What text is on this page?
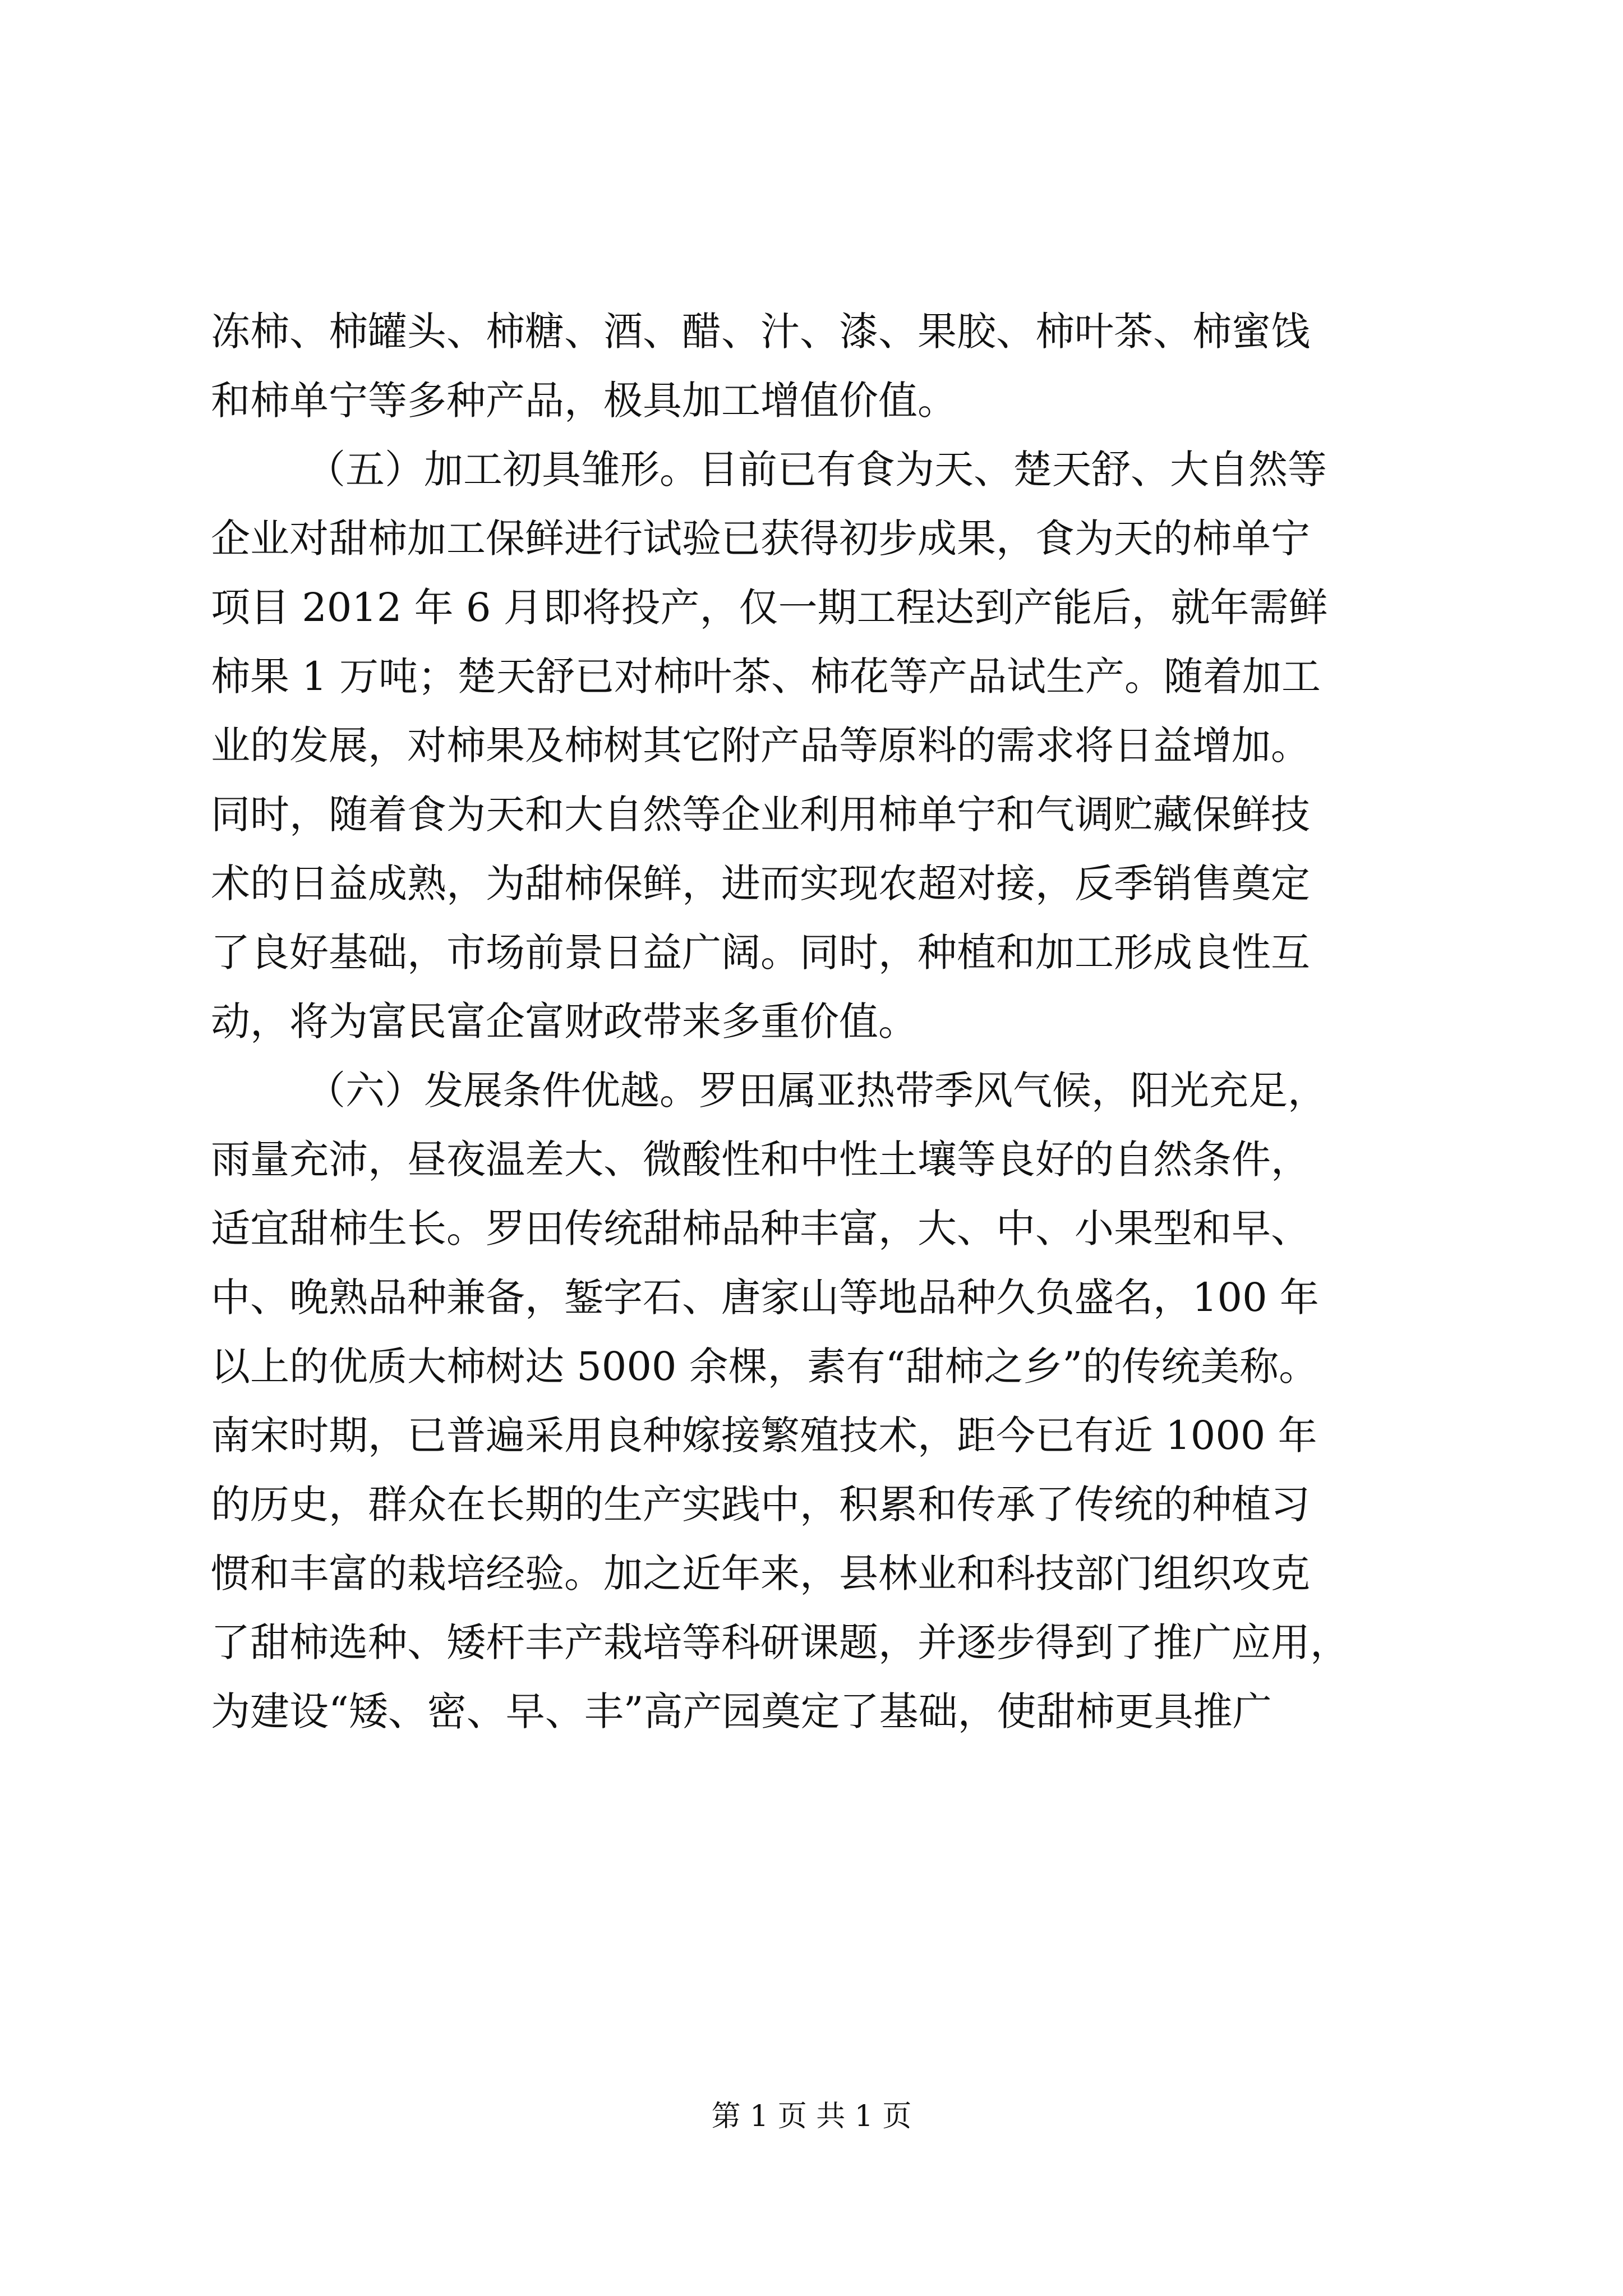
冻柿、柿罐头、柿糖、酒、醋、汁、漆、果胶、柿叶茶、柿蜜饯
和柿单宁等多种产品，极具加工增值价值。
（五）加工初具雏形。目前已有食为天、楚天舒、大自然等
企业对甜柿加工保鲜进行试验已获得初步成果，食为天的柿单宁
项目 2012 年 6 月即将投产，仅一期工程达到产能后，就年需鲜
柿果 1 万吨；楚天舒已对柿叶茶、柿花等产品试生产。随着加工
业的发展，对柿果及柿树其它附产品等原料的需求将日益增加。
同时，随着食为天和大自然等企业利用柿单宁和气调贮藏保鲜技
术的日益成熟，为甜柿保鲜，进而实现农超对接，反季销售奠定
了良好基础，市场前景日益广阔。同时，种植和加工形成良性互
动，将为富民富企富财政带来多重价值。
（六）发展条件优越。罗田属亚热带季风气候，阳光充足，
雨量充沛，昼夜温差大、微酸性和中性土壤等良好的自然条件，
适宜甜柿生长。罗田传统甜柿品种丰富，大、中、小果型和早、
中、晚熟品种兼备，錾字石、唐家山等地品种久负盛名，100 年
以上的优质大柿树达 5000 余棵，素有“甜柿之乡”的传统美称。
南宋时期，已普遍采用良种嫁接繁殖技术，距今已有近 1000 年
的历史，群众在长期的生产实践中，积累和传承了传统的种植习
惯和丰富的栽培经验。加之近年来，县林业和科技部门组织攻克
了甜柿选种、矮杆丰产栽培等科研课题，并逐步得到了推广应用，
为建设“矮、密、早、丰”高产园奠定了基础，使甜柿更具推广
第 1 页 共 1 页
